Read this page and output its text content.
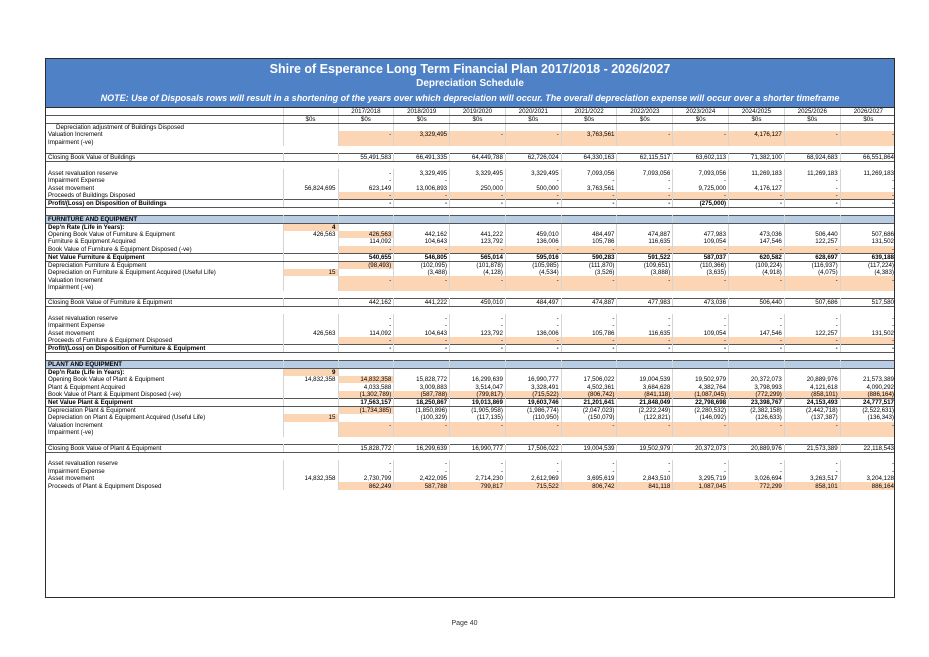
Shire of Esperance Long Term Financial Plan 2017/2018 - 2026/2027
Depreciation Schedule
NOTE: Use of Disposals rows will result in a shortening of the years over which depreciation will occur. The overall depreciation expense will occur over a shorter timeframe
		2017/2018	2018/2019	2019/2020	2020/2021	2021/2022	2022/2023	2023/2024	2024/2025	2025/2026	2026/2027
	$0s	$0s	$0s	$0s	$0s	$0s	$0s	$0s	$0s	$0s	$0s
Depreciation adjustment of Buildings Disposed											
Valuation Increment		-	3,329,495	-	-	3,763,561	-	-	4,176,127	-	-
Impairment (-ve)											

Closing Book Value of Buildings		55,491,583	66,491,335	64,449,788	62,726,024	64,330,163	62,115,517	63,602,113	71,382,100	68,924,683	66,551,864

Asset revaluation reserve		-	3,329,495	3,329,495	3,329,495	7,093,056	7,093,056	7,093,056	11,269,183	11,269,183	11,269,183
Impairment Expense		-	-	-	-	-	-	-	-	-	-
Asset movement	56,824,695	623,149	13,006,893	250,000	500,000	3,763,561	-	9,725,000	4,176,127	-	-
Proceeds of Buildings Disposed		-	-	-	-	-	-	-	-	-	-
Profit/(Loss) on Disposition of Buildings		-	-	-	-	-	-	(275,000)	-	-	-

FURNITURE AND EQUIPMENT											
Dep'n Rate (Life in Years):	4										
Opening Book Value of Furniture & Equipment	426,563	426,563	442,162	441,222	459,010	484,497	474,887	477,983	473,036	506,440	507,686
Furniture & Equipment Acquired		114,092	104,643	123,792	136,006	105,786	116,635	109,054	147,546	122,257	131,502
Book Value of Furniture & Equipment Disposed (-ve)		-	-	-	-	-	-	-	-	-	-
Net Value Furniture & Equipment		540,655	546,805	565,014	595,016	590,283	591,522	587,037	620,582	628,697	639,188
Depreciation Furniture & Equipment		(98,493)	(102,095)	(101,878)	(105,985)	(111,870)	(109,651)	(110,366)	(109,224)	(116,937)	(117,224)
Depreciation on Furniture & Equipment Acquired (Useful Life)	15		(3,488)	(4,128)	(4,534)	(3,526)	(3,888)	(3,635)	(4,918)	(4,075)	(4,383)
Valuation Increment		-	-	-	-	-	-	-	-	-	-
Impairment (-ve)											

Closing Book Value of Furniture & Equipment		442,162	441,222	459,010	484,497	474,887	477,983	473,036	506,440	507,686	517,580

Asset revaluation reserve		-	-	-	-	-	-	-	-	-	-
Impairment Expense		-	-	-	-	-	-	-	-	-	-
Asset movement	426,563	114,092	104,643	123,792	136,006	105,786	116,635	109,054	147,546	122,257	131,502
Proceeds of Furniture & Equipment Disposed		-	-	-	-	-	-	-	-	-	-
Profit/(Loss) on Disposition of Furniture & Equipment		-	-	-	-	-	-	-	-	-	-

PLANT AND EQUIPMENT											
Dep'n Rate (Life in Years):	9										
Opening Book Value of Plant & Equipment	14,832,358	14,832,358	15,828,772	16,299,639	16,990,777	17,506,022	19,004,539	19,502,979	20,372,073	20,889,976	21,573,389
Plant & Equipment Acquired		4,033,588	3,009,883	3,514,047	3,328,491	4,502,361	3,684,628	4,382,764	3,798,993	4,121,618	4,090,292
Book Value of Plant & Equipment Disposed (-ve)		(1,302,789)	(587,788)	(799,817)	(715,522)	(806,742)	(841,118)	(1,087,045)	(772,299)	(858,101)	(886,164)
Net Value Plant & Equipment		17,563,157	18,250,867	19,013,869	19,603,746	21,201,641	21,848,049	22,798,698	23,398,767	24,153,493	24,777,517
Depreciation Plant & Equipment		(1,734,385)	(1,850,896)	(1,905,958)	(1,986,774)	(2,047,023)	(2,222,249)	(2,280,532)	(2,382,158)	(2,442,718)	(2,522,631)
Depreciation on Plant & Equipment Acquired (Useful Life)	15		(100,329)	(117,135)	(110,950)	(150,079)	(122,821)	(146,092)	(126,633)	(137,387)	(136,343)
Valuation Increment		-	-	-	-	-	-	-	-	-	-
Impairment (-ve)											

Closing Book Value of Plant & Equipment		15,828,772	16,299,639	16,990,777	17,506,022	19,004,539	19,502,979	20,372,073	20,889,976	21,573,389	22,118,543

Asset revaluation reserve		-	-	-	-	-	-	-	-	-	-
Impairment Expense		-	-	-	-	-	-	-	-	-	-
Asset movement	14,832,358	2,730,799	2,422,095	2,714,230	2,612,969	3,695,619	2,843,510	3,295,719	3,026,694	3,263,517	3,204,128
Proceeds of Plant & Equipment Disposed		862,249	587,788	799,817	715,522	806,742	841,118	1,087,045	772,299	858,101	886,164
Page 40
